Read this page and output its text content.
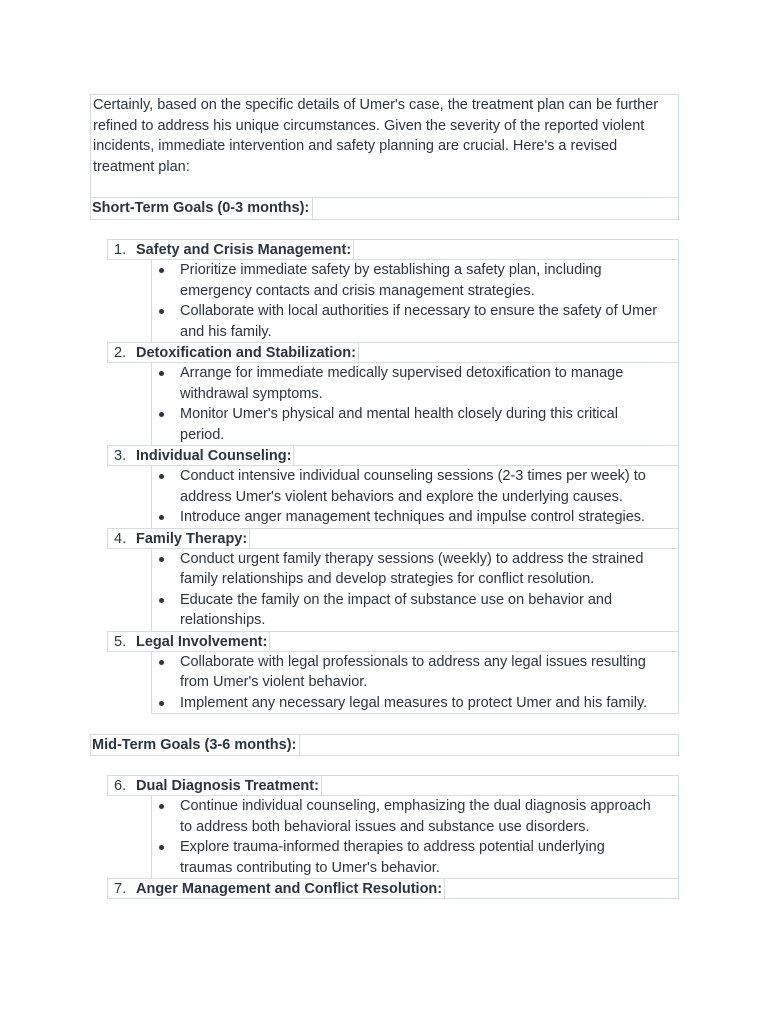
Certainly, based on the specific details of Umer's case, the treatment plan can be further

refined to address his unique circumstances. Given the severity of the reported violent

incidents, immediate intervention and safety planning are crucial. Here's a revised

treatment plan:

Short-Term Goals (0-3 months):
1. Safety and Crisis Management:
Prioritize immediate safety by establishing a safety plan, including
emergency contacts and crisis management strategies.
Collaborate with local authorities if necessary to ensure the safety of Umer
and his family.
2. Detoxification and Stabilization:
Arrange for immediate medically supervised detoxification to manage
withdrawal symptoms.
Monitor Umer's physical and mental health closely during this critical
period.
3. Individual Counseling:
Conduct intensive individual counseling sessions (2-3 times per week) to
address Umer's violent behaviors and explore the underlying causes.
Introduce anger management techniques and impulse control strategies.
4. Family Therapy:
Conduct urgent family therapy sessions (weekly) to address the strained
family relationships and develop strategies for conflict resolution.
Educate the family on the impact of substance use on behavior and
relationships.
5. Legal Involvement:
Collaborate with legal professionals to address any legal issues resulting
from Umer's violent behavior.
Implement any necessary legal measures to protect Umer and his family.
Mid-Term Goals (3-6 months):
6. Dual Diagnosis Treatment:
Continue individual counseling, emphasizing the dual diagnosis approach
to address both behavioral issues and substance use disorders.
Explore trauma-informed therapies to address potential underlying
traumas contributing to Umer's behavior.
7. Anger Management and Conflict Resolution:
